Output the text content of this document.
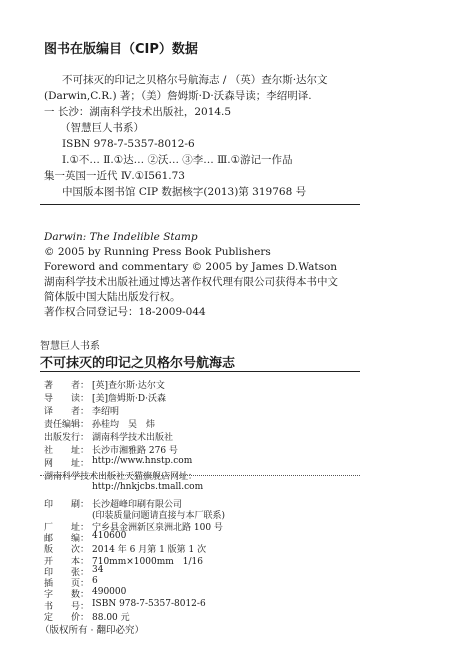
图书在版编目（CIP）数据
不可抹灭的印记之贝格尔号航海志 / （英）查尔斯·达尔文
(Darwin,C.R.) 著；（美）詹姆斯·D·沃森导读；李绍明译.
一 长沙：湖南科学技术出版社，2014.5
（智慧巨人书系）
ISBN 978-7-5357-8012-6
Ⅰ.①不… Ⅱ.①达… ②沃… ③李… Ⅲ.①游记一作品
集一英国一近代 Ⅳ.①I561.73
中国版本图书馆 CIP 数据核字(2013)第 319768 号
Darwin: The Indelible Stamp
© 2005 by Running Press Book Publishers
Foreword and commentary © 2005 by James D.Watson
湖南科学技术出版社通过博达著作权代理有限公司获得本书中文
简体版中国大陆出版发行权。
著作权合同登记号：18-2009-044
智慧巨人书系
不可抹灭的印记之贝格尔号航海志
著　　者： [英]查尔斯·达尔文
导　　读： [美]詹姆斯·D·沃森
译　　者： 李绍明
责任编辑： 孙桂均　吴　炜
出版发行： 湖南科学技术出版社
社　　址： 长沙市湘雅路 276 号
网　　址： http://www.hnstp.com
湖南科学技术出版社天猫旗舰店网址：
http://hnkjcbs.tmall.com
印　　刷： 长沙超峰印刷有限公司
(印装质量问题请直接与本厂联系)
厂　　址： 宁乡县金洲新区泉洲北路 100 号
邮　　编： 410600
版　　次： 2014 年 6 月第 1 版第 1 次
开　　本： 710mm×1000mm　1/16
印　　张： 34
插　　页： 6
字　　数： 490000
书　　号： ISBN 978-7-5357-8012-6
定　　价： 88.00 元
（版权所有 · 翻印必究）
